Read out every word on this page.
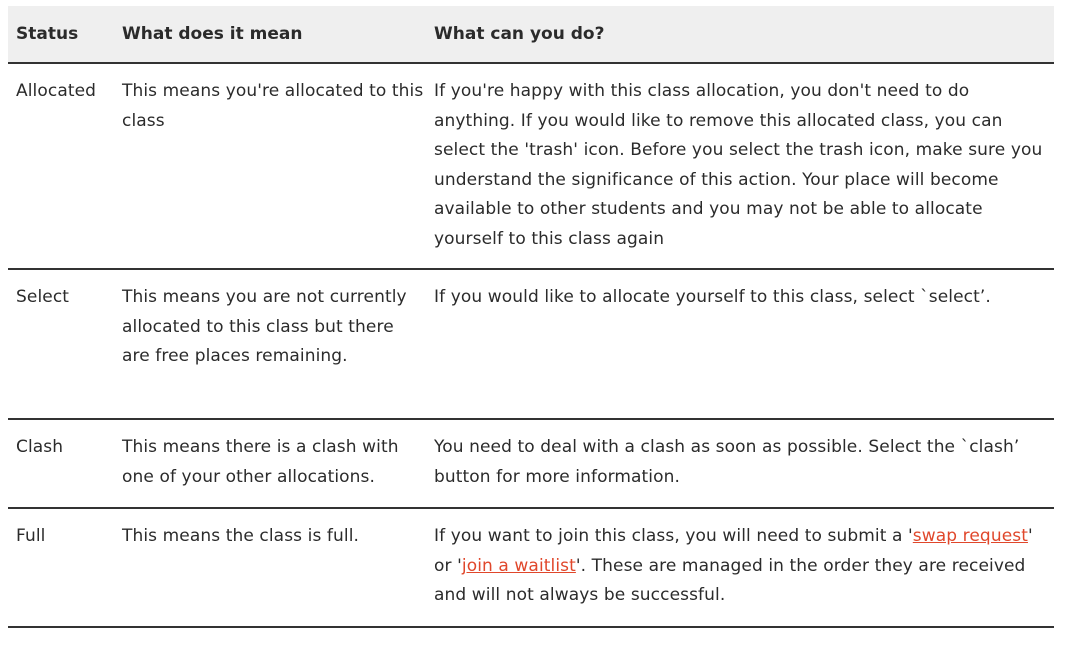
Status	What does it mean	What can you do?
Allocated	This means you're allocated to this class	If you're happy with this class allocation, you don't need to do anything. If you would like to remove this allocated class, you can select the 'trash' icon. Before you select the trash icon, make sure you understand the significance of this action. Your place will become available to other students and you may not be able to allocate yourself to this class again
Select	This means you are not currently allocated to this class but there are free places remaining.	If you would like to allocate yourself to this class, select `select’.
Clash	This means there is a clash with one of your other allocations.	You need to deal with a clash as soon as possible. Select the `clash’ button for more information.
Full	This means the class is full.	If you want to join this class, you will need to submit a 'swap request' or 'join a waitlist'. These are managed in the order they are received and will not always be successful.
